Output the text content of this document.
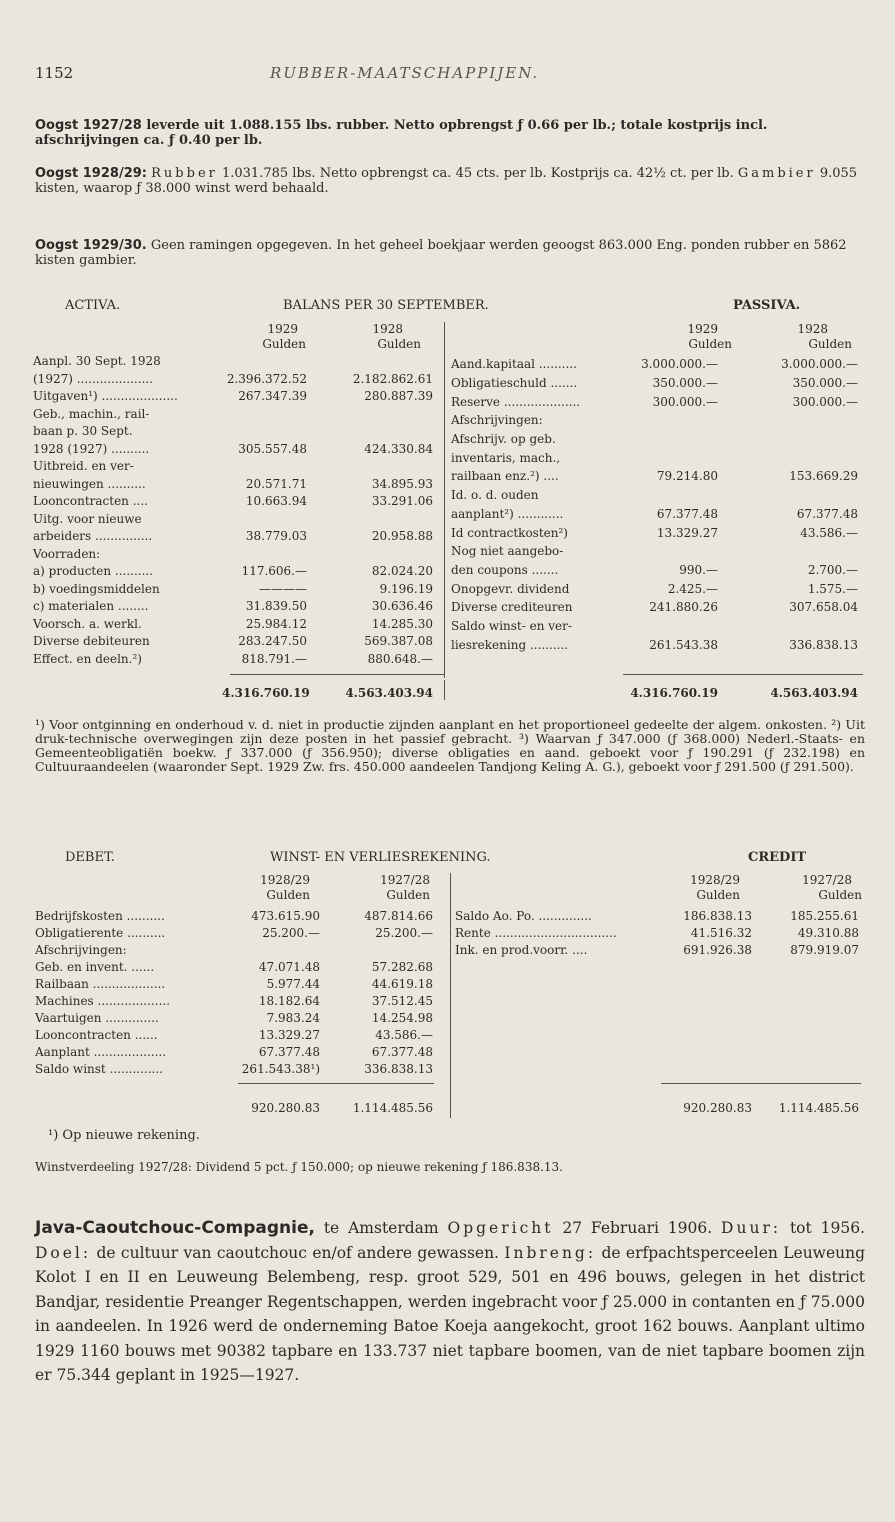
1152	RUBBER-MAATSCHAPPIJEN.

Oogst 1927/28 leverde uit 1.088.155 lbs. rubber. Netto opbrengst ƒ 0.66 per lb.; totale kostprijs incl. afschrijvingen ca. ƒ 0.40 per lb.

Oogst 1928/29: Rubber 1.031.785 lbs. Netto opbrengst ca. 45 cts. per lb. Kostprijs ca. 42½ ct. per lb. Gambier 9.055 kisten, waarop ƒ 38.000 winst werd behaald.

Oogst 1929/30. Geen ramingen opgegeven. In het geheel boekjaar werden geoogst 863.000 Eng. ponden rubber en 5862 kisten gambier.

ACTIVA.	BALANS PER 30 SEPTEMBER.	PASSIVA.
1929	1928
Gulden	Gulden
1929	1928
Gulden	Gulden
Aanpl. 30 Sept. 1928
(1927) ....................	2.396.372.52	2.182.862.61
Uitgaven¹) ....................	267.347.39	280.887.39
Geb., machin., rail-
baan p. 30 Sept.
1928 (1927) ..........	305.557.48	424.330.84
Uitbreid. en ver-
nieuwingen ..........	20.571.71	34.895.93
Looncontracten ....	10.663.94	33.291.06
Uitg. voor nieuwe
arbeiders ...............	38.779.03	20.958.88
Voorraden:
a) producten ..........	117.606.—	82.024.20
b) voedingsmiddelen	————	9.196.19
c) materialen ........	31.839.50	30.636.46
Voorsch. a. werkl.	25.984.12	14.285.30
Diverse debiteuren	283.247.50	569.387.08
Effect. en deeln.²)	818.791.—	880.648.—
Aand.kapitaal ..........	3.000.000.—	3.000.000.—
Obligatieschuld .......	350.000.—	350.000.—
Reserve ....................	300.000.—	300.000.—
Afschrijvingen:
Afschrijv. op geb.
inventaris, mach.,
railbaan enz.²) ....	79.214.80	153.669.29
Id. o. d. ouden
aanplant²) ............	67.377.48	67.377.48
Id contractkosten²)	13.329.27	43.586.—
Nog niet aangebo-
den coupons .......	990.—	2.700.—
Onopgevr. dividend	2.425.—	1.575.—
Diverse crediteuren	241.880.26	307.658.04
Saldo winst- en ver-
liesrekening ..........	261.543.38	336.838.13
4.316.760.19	4.563.403.94	4.316.760.19	4.563.403.94

¹) Voor ontginning en onderhoud v. d. niet in productie zijnden aanplant en het proportioneel gedeelte der algem. onkosten. ²) Uit druk-technische overwegingen zijn deze posten in het passief gebracht. ³) Waarvan ƒ 347.000 (ƒ 368.000) Nederl.-Staats- en Gemeenteobligatiën boekw. ƒ 337.000 (ƒ 356.950); diverse obligaties en aand. geboekt voor ƒ 190.291 (ƒ 232.198) en Cultuuraandeelen (waaronder Sept. 1929 Zw. frs. 450.000 aandeelen Tandjong Keling A. G.), geboekt voor ƒ 291.500 (ƒ 291.500).

DEBET.	WINST- EN VERLIESREKENING.	CREDIT
1928/29	1927/28
Gulden	Gulden
1928/29	1927/28
Gulden	Gulden
Bedrijfskosten ..........	473.615.90	487.814.66
Obligatierente ..........	25.200.—	25.200.—
Afschrijvingen:
Geb. en invent. ......	47.071.48	57.282.68
Railbaan ...................	5.977.44	44.619.18
Machines ...................	18.182.64	37.512.45
Vaartuigen ..............	7.983.24	14.254.98
Looncontracten ......	13.329.27	43.586.—
Aanplant ...................	67.377.48	67.377.48
Saldo winst ..............	261.543.38¹)	336.838.13
Saldo Ao. Po. ..............	186.838.13	185.255.61
Rente ................................	41.516.32	49.310.88
Ink. en prod.voorr. ....	691.926.38	879.919.07
920.280.83	1.114.485.56	920.280.83	1.114.485.56
¹) Op nieuwe rekening.
Winstverdeeling 1927/28: Dividend 5 pct. ƒ 150.000; op nieuwe rekening ƒ 186.838.13.

Java-Caoutchouc-Compagnie, te Amsterdam Opgericht 27 Februari 1906. Duur: tot 1956. Doel: de cultuur van caoutchouc en/of andere gewassen. Inbreng: de erfpachtsperceelen Leuweung Kolot I en II en Leuweung Belembeng, resp. groot 529, 501 en 496 bouws, gelegen in het district Bandjar, residentie Preanger Regentschappen, werden ingebracht voor ƒ 25.000 in contanten en ƒ 75.000 in aandeelen. In 1926 werd de onderneming Batoe Koeja aangekocht, groot 162 bouws. Aanplant ultimo 1929 1160 bouws met 90382 tapbare en 133.737 niet tapbare boomen, van de niet tapbare boomen zijn er 75.344 geplant in 1925—1927.
